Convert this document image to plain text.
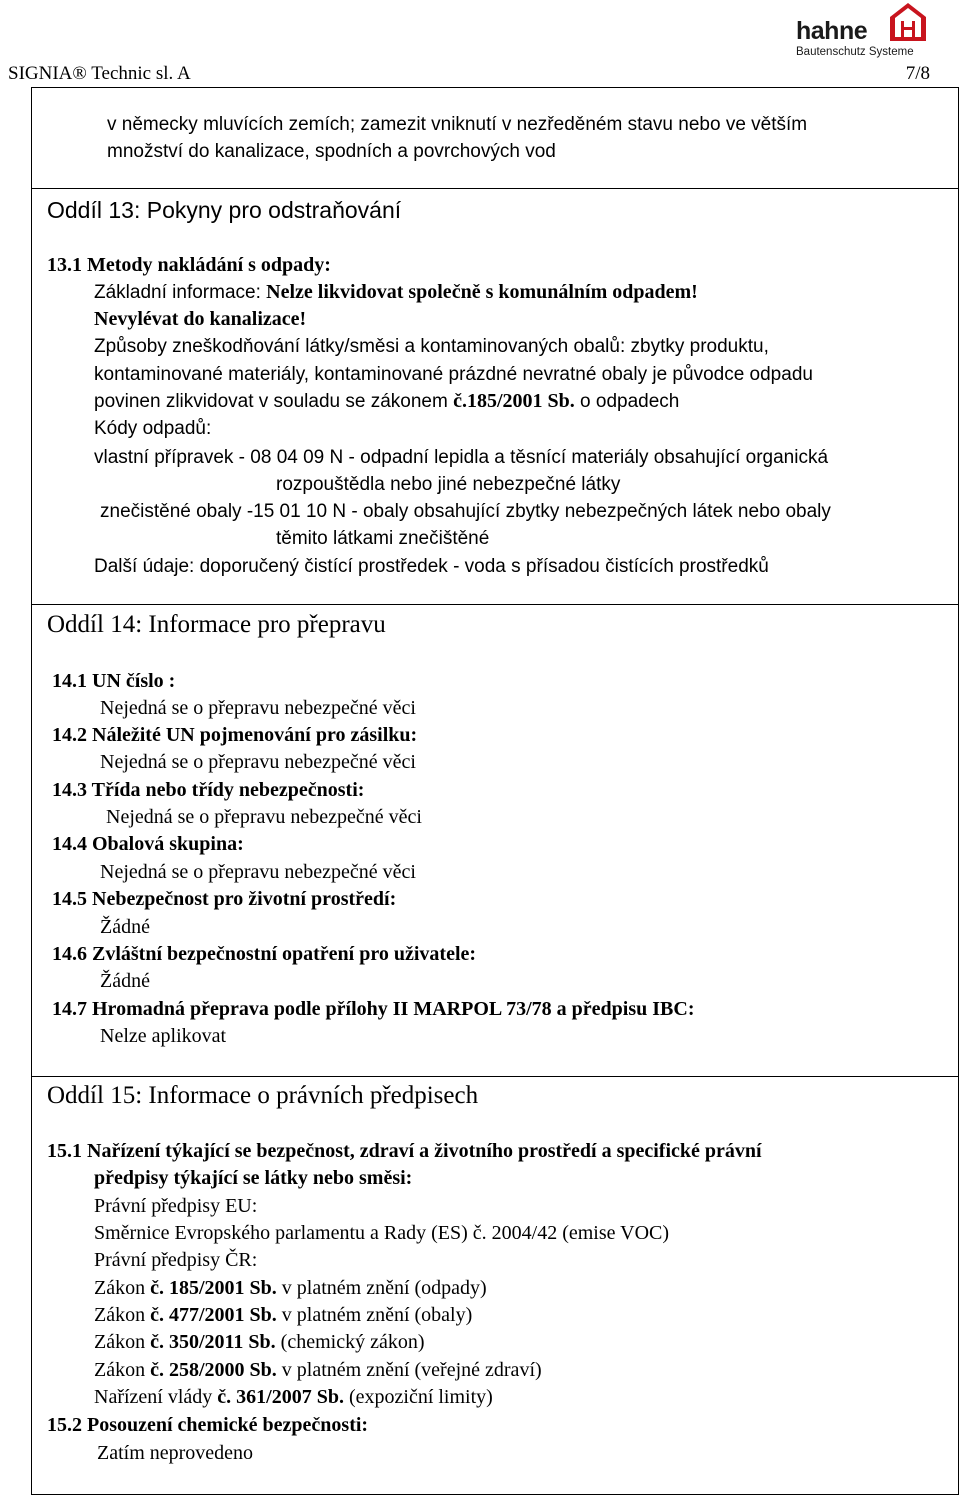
SIGNIA® Technic sl. A	7/8
hahne
Bautenschutz Systeme
v německy mluvících zemích; zamezit vniknutí v nezředěném stavu nebo ve větším
množství do kanalizace, spodních a povrchových vod
Oddíl 13: Pokyny pro odstraňování
13.1 Metody nakládání s odpady:
Základní informace: Nelze likvidovat společně s komunálním odpadem!
Nevylévat do kanalizace!
Způsoby zneškodňování látky/směsi a kontaminovaných obalů: zbytky produktu,
kontaminované materiály, kontaminované prázdné nevratné obaly je původce odpadu
povinen zlikvidovat v souladu se zákonem č.185/2001 Sb. o odpadech
Kódy odpadů:
vlastní přípravek - 08 04 09 N - odpadní lepidla a těsnící materiály obsahující organická
rozpouštědla nebo jiné nebezpečné látky
znečistěné obaly -15 01 10 N - obaly obsahující zbytky nebezpečných látek nebo obaly
těmito látkami znečištěné
Další údaje: doporučený čistící prostředek - voda s přísadou čistících prostředků
Oddíl 14: Informace pro přepravu
14.1 UN číslo :
Nejedná se o přepravu nebezpečné věci
14.2 Náležité UN pojmenování pro zásilku:
Nejedná se o přepravu nebezpečné věci
14.3 Třída nebo třídy nebezpečnosti:
Nejedná se o přepravu nebezpečné věci
14.4 Obalová skupina:
Nejedná se o přepravu nebezpečné věci
14.5 Nebezpečnost pro životní prostředí:
Žádné
14.6 Zvláštní bezpečnostní opatření pro uživatele:
Žádné
14.7 Hromadná přeprava podle přílohy II MARPOL 73/78 a předpisu IBC:
Nelze aplikovat
Oddíl 15: Informace o právních předpisech
15.1 Nařízení týkající se bezpečnost, zdraví a životního prostředí a specifické právní
předpisy týkající se látky nebo směsi:
Právní předpisy EU:
Směrnice Evropského parlamentu a Rady (ES) č. 2004/42 (emise VOC)
Právní předpisy ČR:
Zákon č. 185/2001 Sb. v platném znění (odpady)
Zákon č. 477/2001 Sb. v platném znění (obaly)
Zákon č. 350/2011 Sb. (chemický zákon)
Zákon č. 258/2000 Sb. v platném znění (veřejné zdraví)
Nařízení vlády č. 361/2007 Sb. (expoziční limity)
15.2 Posouzení chemické bezpečnosti:
Zatím neprovedeno
